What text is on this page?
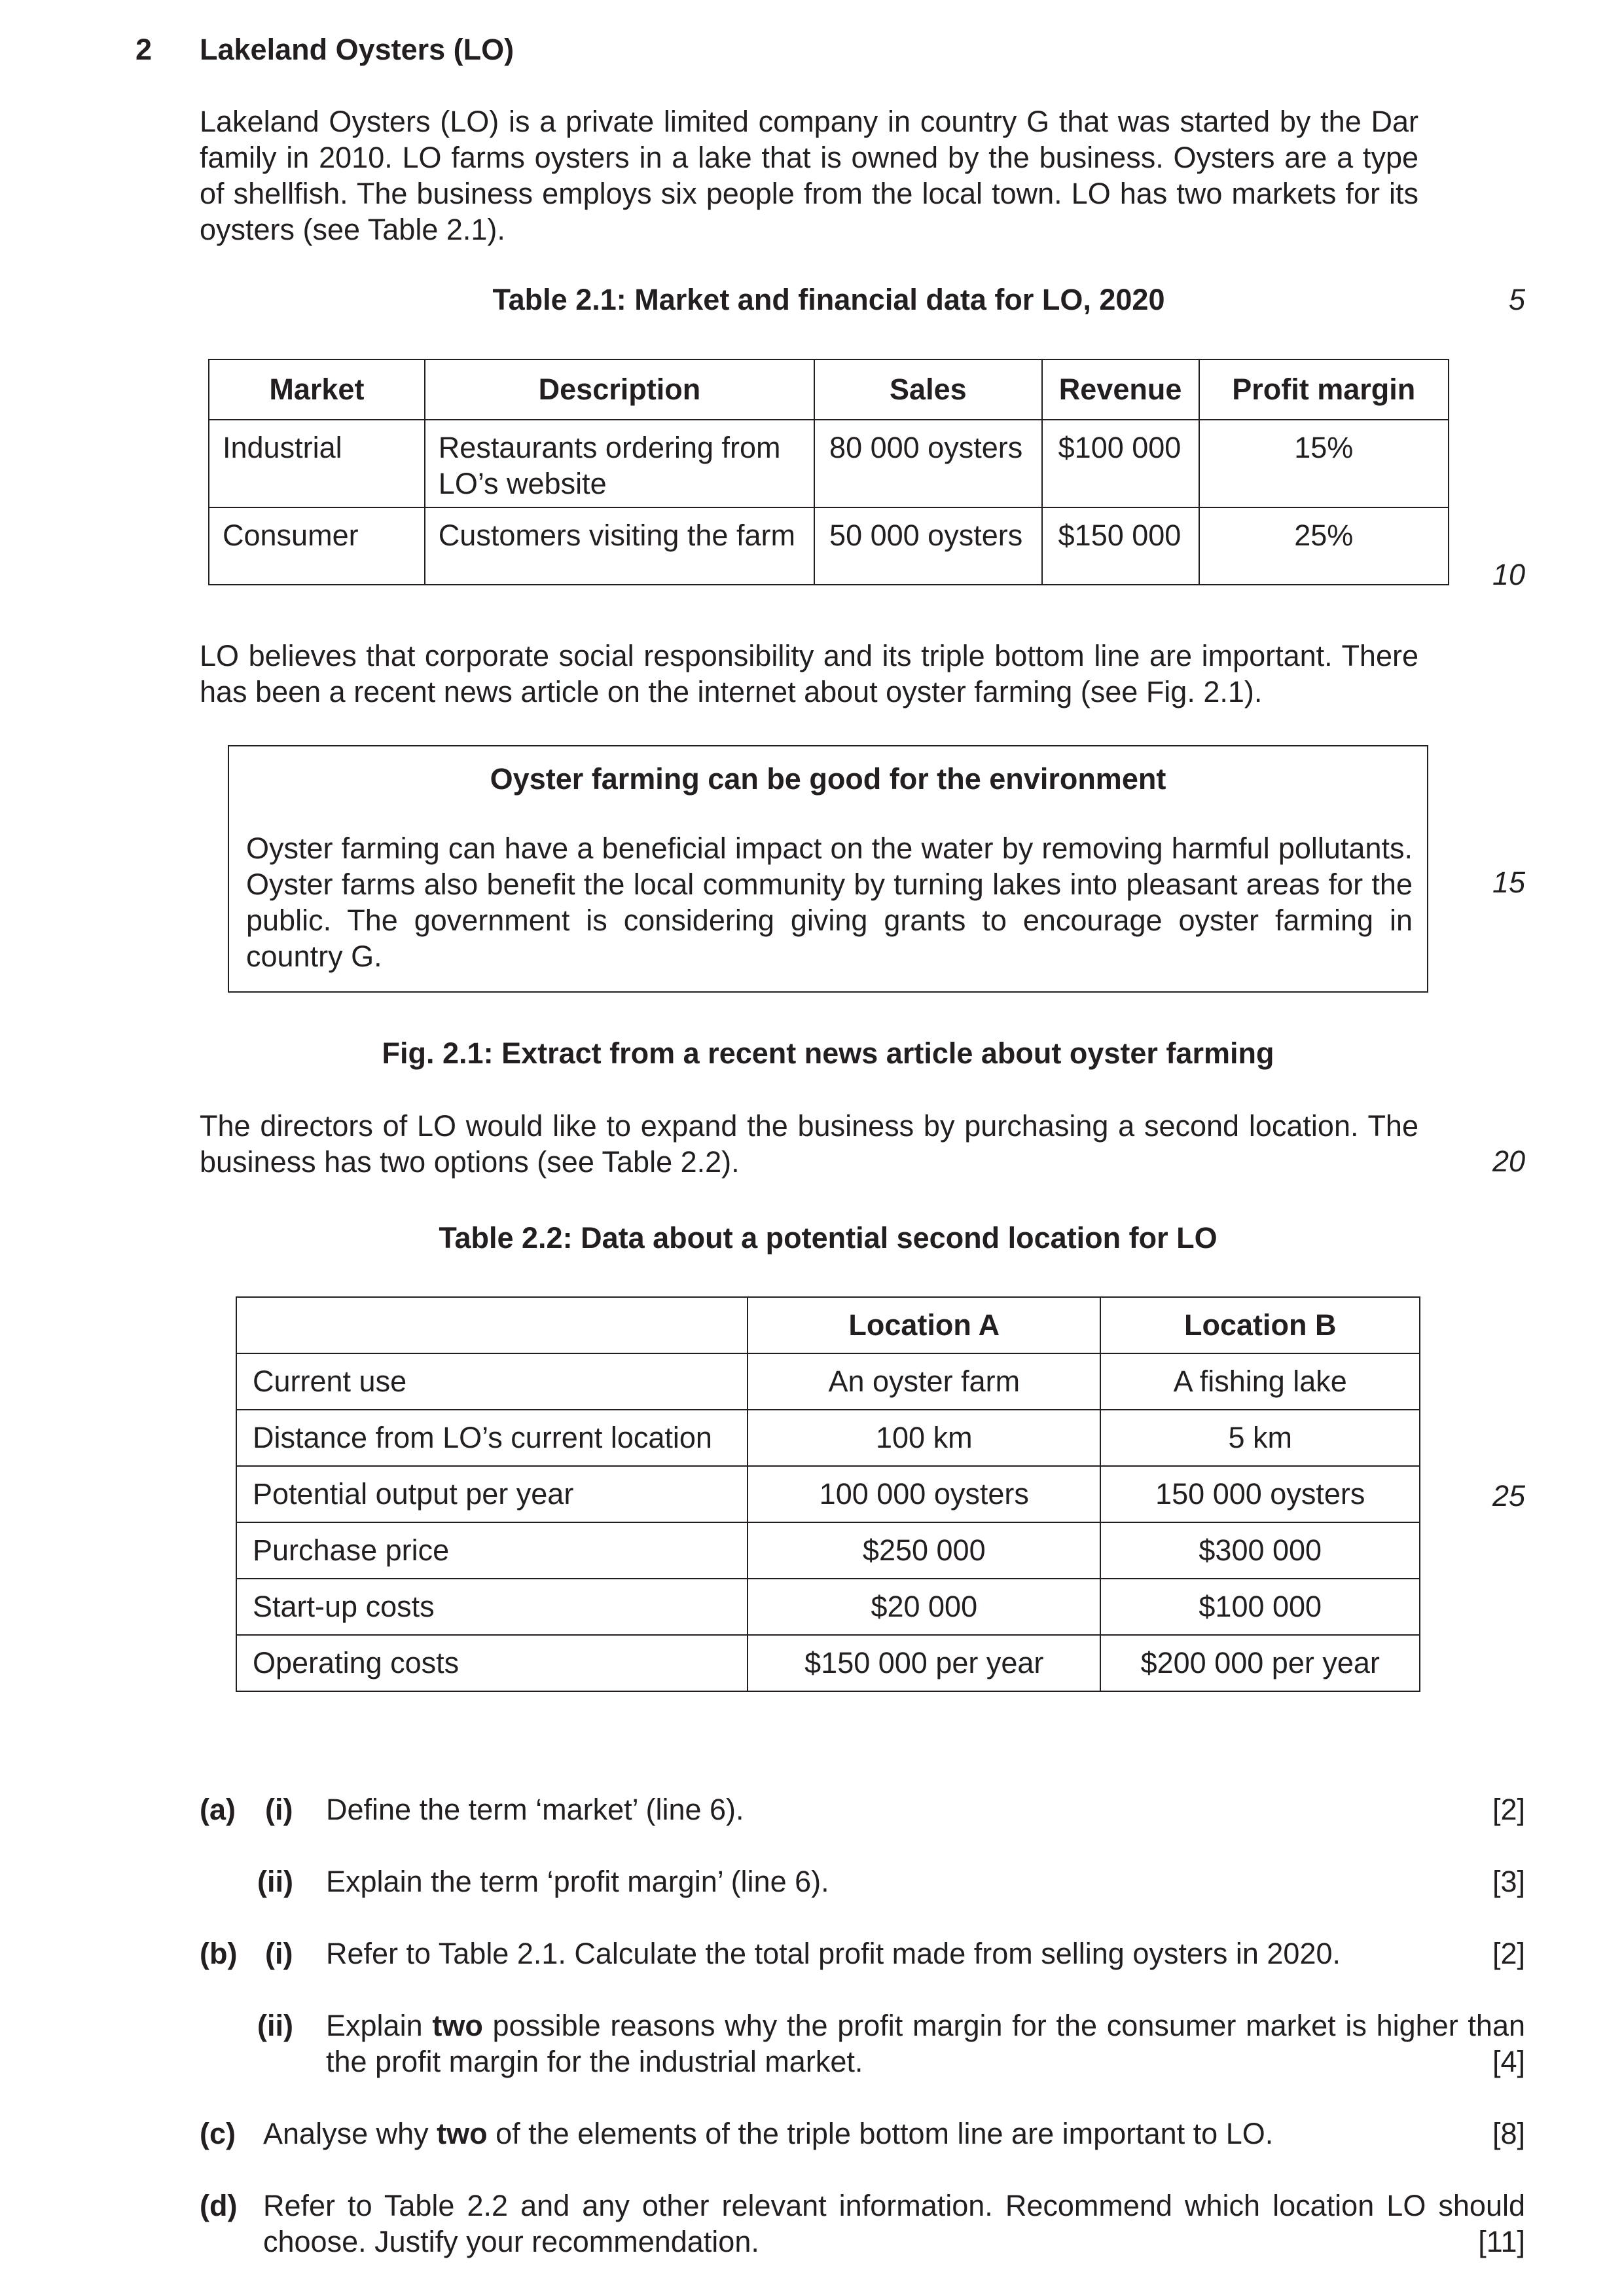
2 Lakeland Oysters (LO)
Lakeland Oysters (LO) is a private limited company in country G that was started by the Dar family in 2010. LO farms oysters in a lake that is owned by the business. Oysters are a type of shellfish. The business employs six people from the local town. LO has two markets for its oysters (see Table 2.1).
Table 2.1: Market and financial data for LO, 2020
Market	Description	Sales	Revenue	Profit margin
Industrial	Restaurants ordering from LO’s website	80 000 oysters	$100 000	15%
Consumer	Customers visiting the farm	50 000 oysters	$150 000	25%
LO believes that corporate social responsibility and its triple bottom line are important. There has been a recent news article on the internet about oyster farming (see Fig. 2.1).
Oyster farming can be good for the environment
Oyster farming can have a beneficial impact on the water by removing harmful pollutants. Oyster farms also benefit the local community by turning lakes into pleasant areas for the public. The government is considering giving grants to encourage oyster farming in country G.
Fig. 2.1: Extract from a recent news article about oyster farming
The directors of LO would like to expand the business by purchasing a second location. The business has two options (see Table 2.2).
Table 2.2: Data about a potential second location for LO
	Location A	Location B
Current use	An oyster farm	A fishing lake
Distance from LO’s current location	100 km	5 km
Potential output per year	100 000 oysters	150 000 oysters
Purchase price	$250 000	$300 000
Start-up costs	$20 000	$100 000
Operating costs	$150 000 per year	$200 000 per year
5
10
15
20
25
(a) (i) Define the term ‘market’ (line 6).	[2]
(ii) Explain the term ‘profit margin’ (line 6).	[3]
(b) (i) Refer to Table 2.1. Calculate the total profit made from selling oysters in 2020.	[2]
(ii) Explain two possible reasons why the profit margin for the consumer market is higher than the profit margin for the industrial market.	[4]
(c) Analyse why two of the elements of the triple bottom line are important to LO.	[8]
(d) Refer to Table 2.2 and any other relevant information. Recommend which location LO should choose. Justify your recommendation.	[11]
